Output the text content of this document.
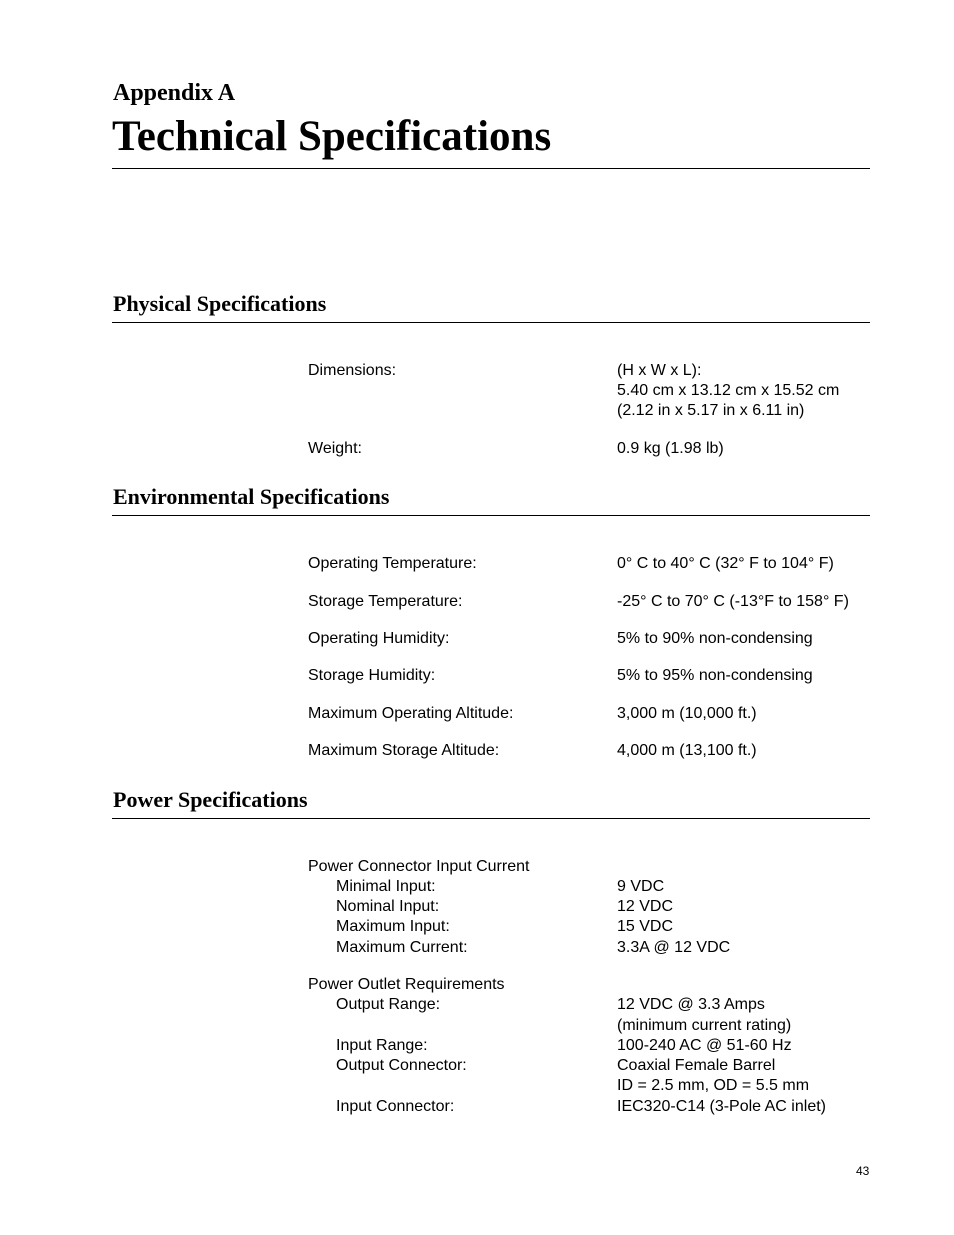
Appendix A
Technical Specifications
Physical Specifications
Dimensions:	(H x W x L):
5.40 cm x 13.12 cm x 15.52 cm
(2.12 in x 5.17 in x 6.11 in)
Weight:	0.9 kg (1.98 lb)
Environmental Specifications
Operating Temperature:	0° C to 40° C (32° F to 104° F)
Storage Temperature:	-25° C to 70° C (-13°F to 158° F)
Operating Humidity:	5% to 90% non-condensing
Storage Humidity:	5% to 95% non-condensing
Maximum Operating Altitude:	3,000 m (10,000 ft.)
Maximum Storage Altitude:	4,000 m (13,100 ft.)
Power Specifications
Power Connector Input Current
Minimal Input:	9 VDC
Nominal Input:	12 VDC
Maximum Input:	15 VDC
Maximum Current:	3.3A @ 12 VDC
Power Outlet Requirements
Output Range:	12 VDC @ 3.3 Amps
(minimum current rating)
Input Range:	100-240 AC @ 51-60 Hz
Output Connector:	Coaxial Female Barrel
ID = 2.5 mm, OD = 5.5 mm
Input Connector:	IEC320-C14 (3-Pole AC inlet)
43
